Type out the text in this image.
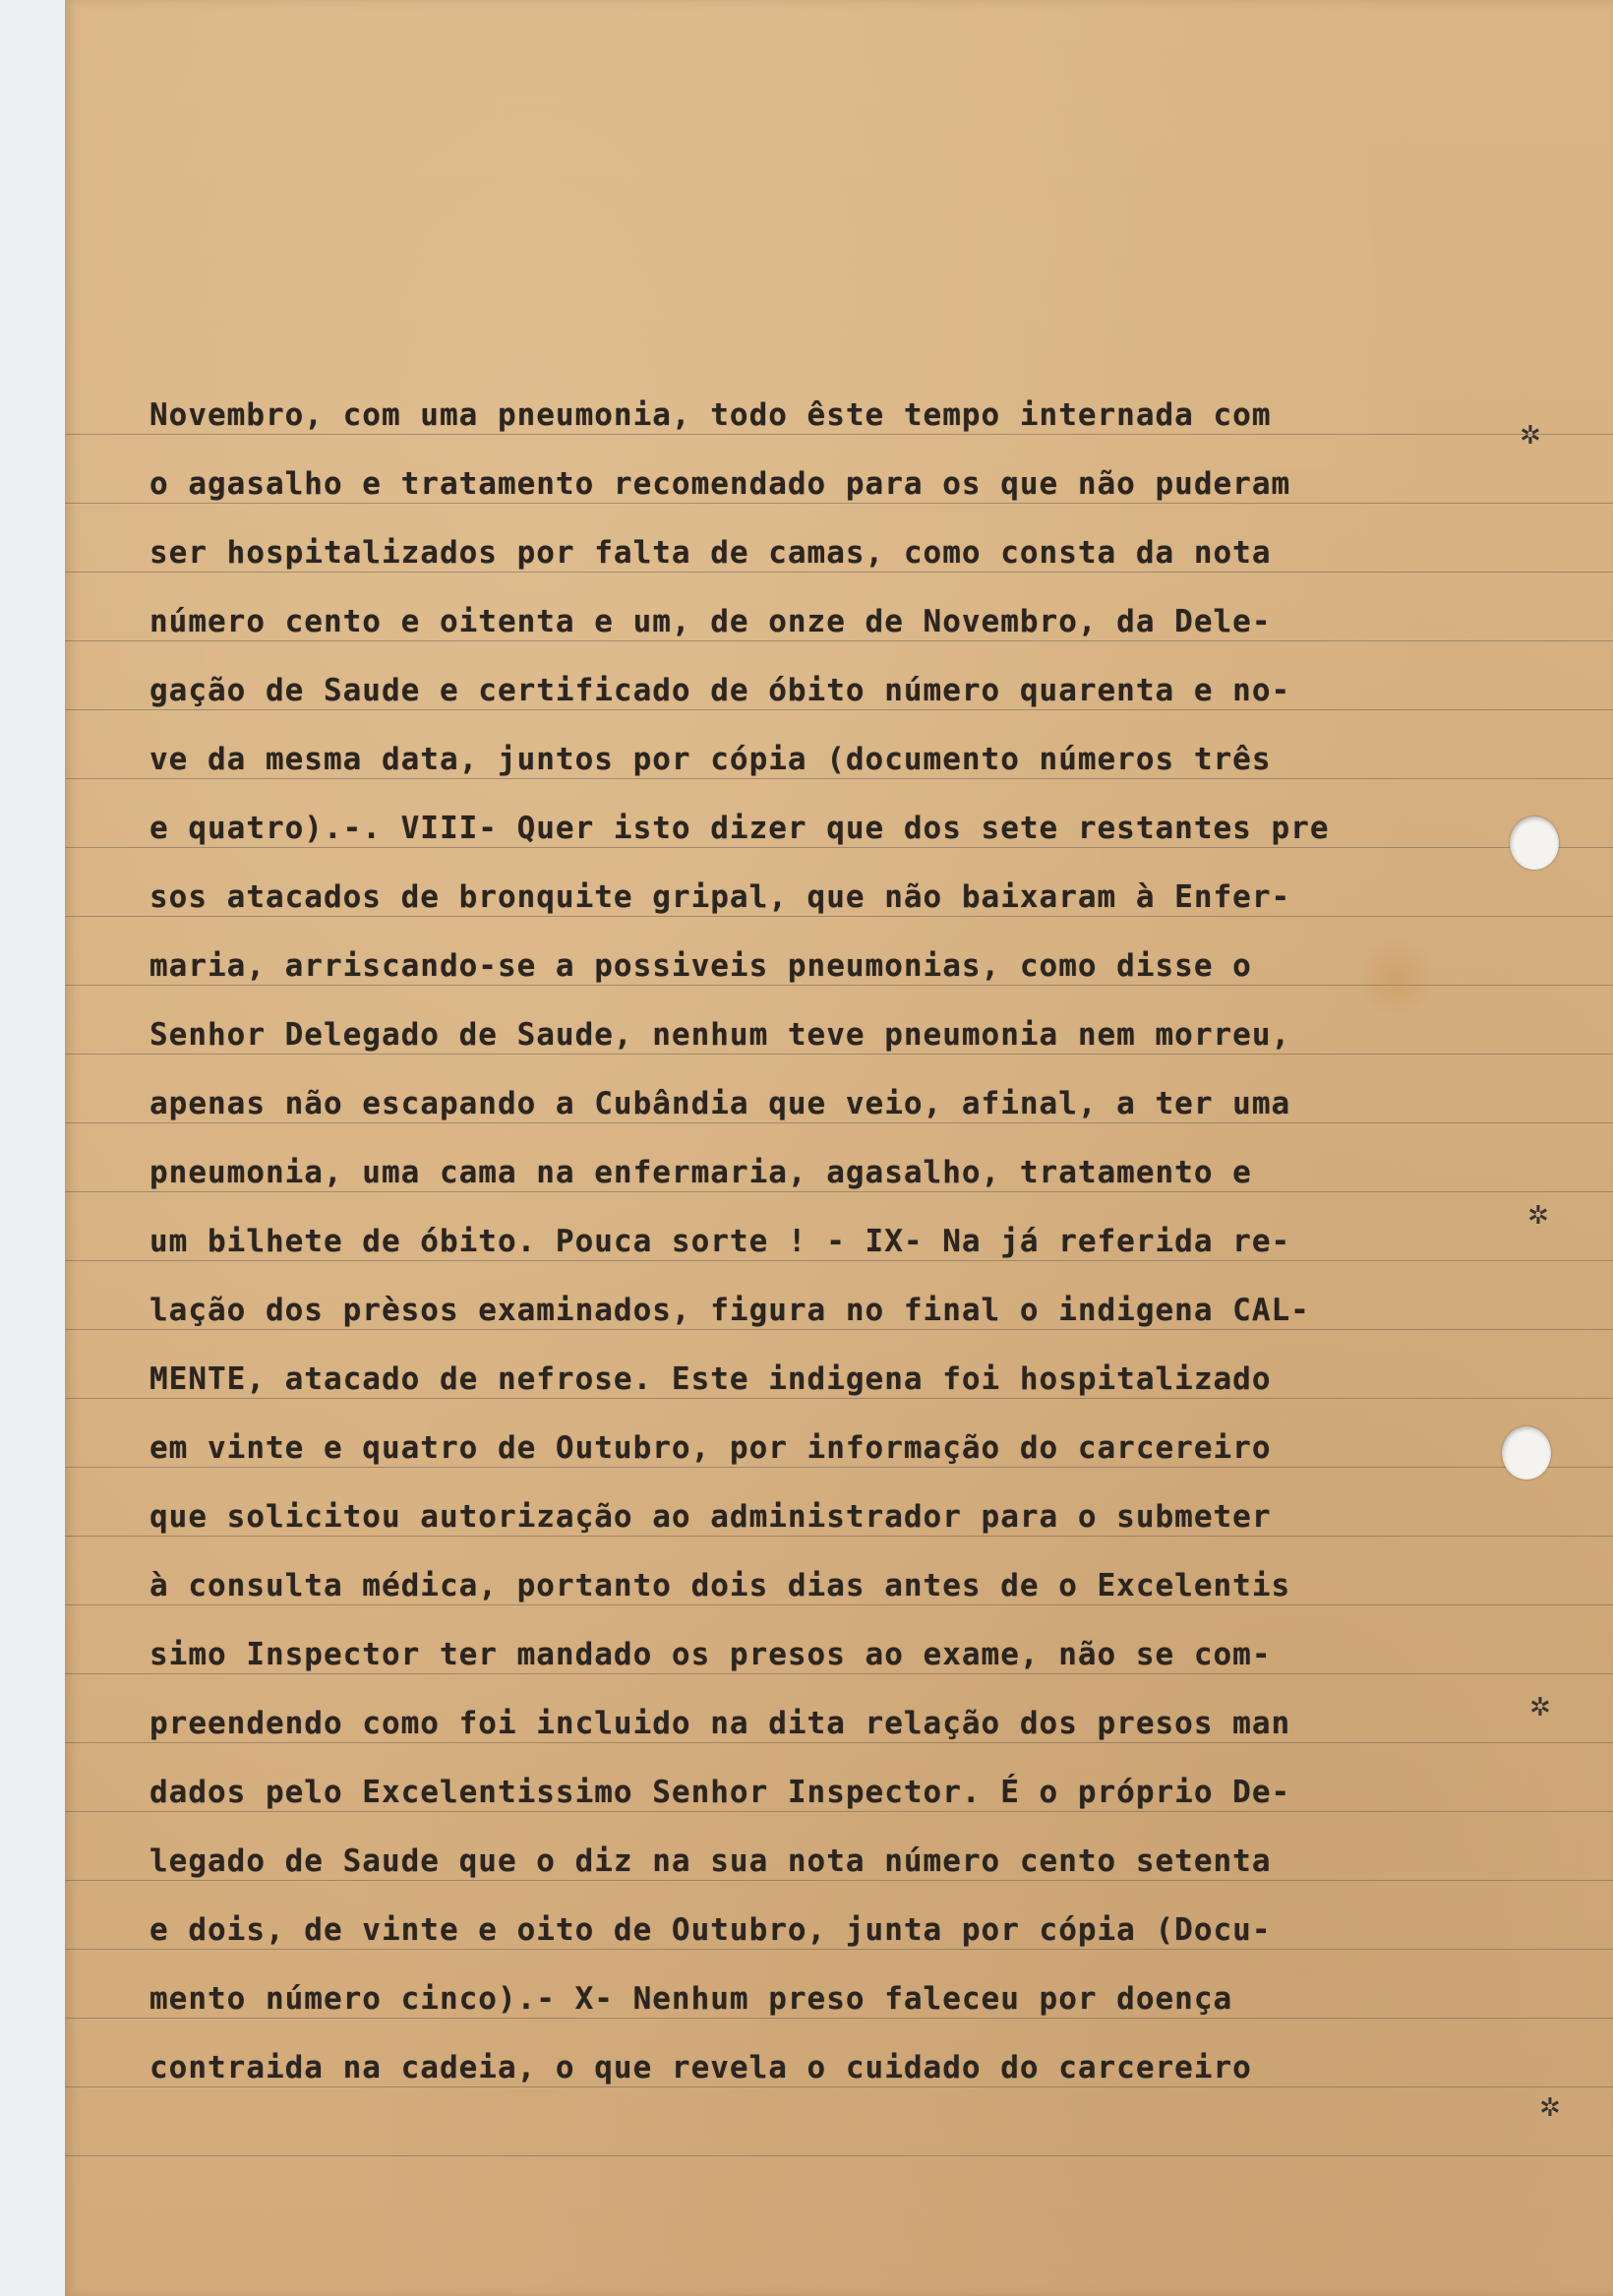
✲
✲
✲
✲
Novembro, com uma pneumonia, todo êste tempo internada com
o agasalho e tratamento recomendado para os que não puderam
ser hospitalizados por falta de camas, como consta da nota
número cento e oitenta e um, de onze de Novembro, da Dele-
gação de Saude e certificado de óbito número quarenta e no-
ve da mesma data, juntos por cópia (documento números três
e quatro).-. VIII- Quer isto dizer que dos sete restantes pre
sos atacados de bronquite gripal, que não baixaram à Enfer-
maria, arriscando-se a possiveis pneumonias, como disse o
Senhor Delegado de Saude, nenhum teve pneumonia nem morreu,
apenas não escapando a Cubândia que veio, afinal, a ter uma
pneumonia, uma cama na enfermaria, agasalho, tratamento e
um bilhete de óbito. Pouca sorte ! - IX- Na já referida re-
lação dos prèsos examinados, figura no final o indigena CAL-
MENTE, atacado de nefrose. Este indigena foi hospitalizado
em vinte e quatro de Outubro, por informação do carcereiro
que solicitou autorização ao administrador para o submeter
à consulta médica, portanto dois dias antes de o Excelentis
simo Inspector ter mandado os presos ao exame, não se com-
preendendo como foi incluido na dita relação dos presos man
dados pelo Excelentissimo Senhor Inspector. É o próprio De-
legado de Saude que o diz na sua nota número cento setenta
e dois, de vinte e oito de Outubro, junta por cópia (Docu-
mento número cinco).- X- Nenhum preso faleceu por doença
contraida na cadeia, o que revela o cuidado do carcereiro
